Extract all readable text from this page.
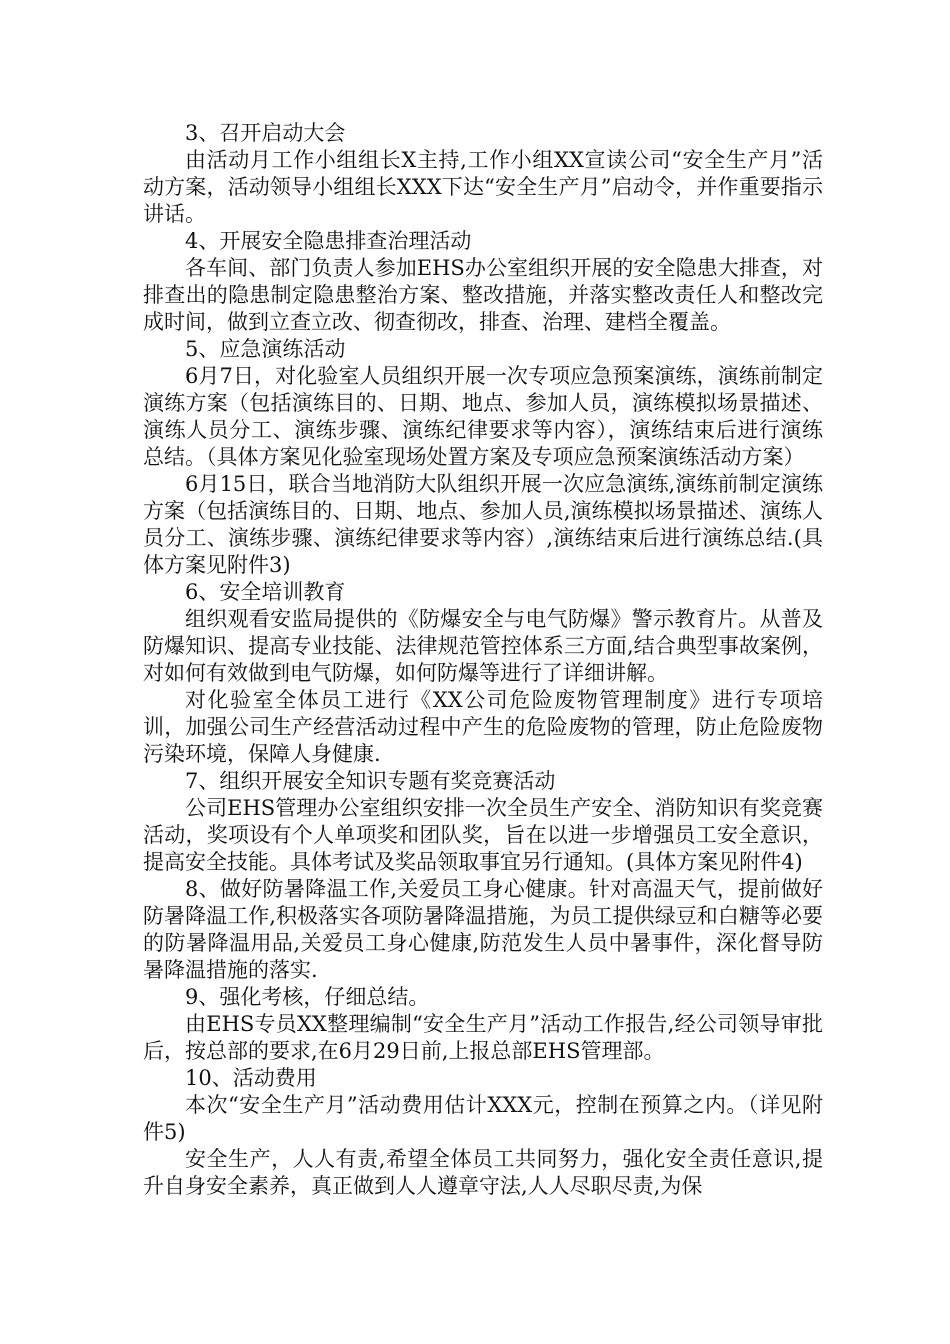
3、召开启动大会

由活动月工作小组组长X主持,工作小组XX宣读公司“安全生产月”活动方案，活动领导小组组长XXX下达“安全生产月”启动令，并作重要指示讲话。

4、开展安全隐患排查治理活动

各车间、部门负责人参加EHS办公室组织开展的安全隐患大排查，对排查出的隐患制定隐患整治方案、整改措施，并落实整改责任人和整改完成时间，做到立查立改、彻查彻改，排查、治理、建档全覆盖。

5、应急演练活动

6月7日，对化验室人员组织开展一次专项应急预案演练，演练前制定演练方案（包括演练目的、日期、地点、参加人员，演练模拟场景描述、演练人员分工、演练步骤、演练纪律要求等内容），演练结束后进行演练总结。（具体方案见化验室现场处置方案及专项应急预案演练活动方案）

6月15日，联合当地消防大队组织开展一次应急演练,演练前制定演练方案（包括演练目的、日期、地点、参加人员,演练模拟场景描述、演练人员分工、演练步骤、演练纪律要求等内容）,演练结束后进行演练总结.(具体方案见附件3)

6、安全培训教育

组织观看安监局提供的《防爆安全与电气防爆》警示教育片。从普及防爆知识、提高专业技能、法律规范管控体系三方面,结合典型事故案例，对如何有效做到电气防爆，如何防爆等进行了详细讲解。

对化验室全体员工进行《XX公司危险废物管理制度》进行专项培训，加强公司生产经营活动过程中产生的危险废物的管理，防止危险废物污染环境，保障人身健康.

7、组织开展安全知识专题有奖竞赛活动

公司EHS管理办公室组织安排一次全员生产安全、消防知识有奖竞赛活动，奖项设有个人单项奖和团队奖，旨在以进一步增强员工安全意识，提高安全技能。具体考试及奖品领取事宜另行通知。(具体方案见附件4)

8、做好防暑降温工作,关爱员工身心健康。针对高温天气，提前做好防暑降温工作,积极落实各项防暑降温措施，为员工提供绿豆和白糖等必要的防暑降温用品,关爱员工身心健康,防范发生人员中暑事件，深化督导防暑降温措施的落实.

9、强化考核，仔细总结。

由EHS专员XX整理编制“安全生产月”活动工作报告,经公司领导审批后，按总部的要求,在6月29日前,上报总部EHS管理部。

10、活动费用

本次“安全生产月”活动费用估计XXX元，控制在预算之内。（详见附件5)

安全生产，人人有责,希望全体员工共同努力，强化安全责任意识,提升自身安全素养，真正做到人人遵章守法,人人尽职尽责,为保
